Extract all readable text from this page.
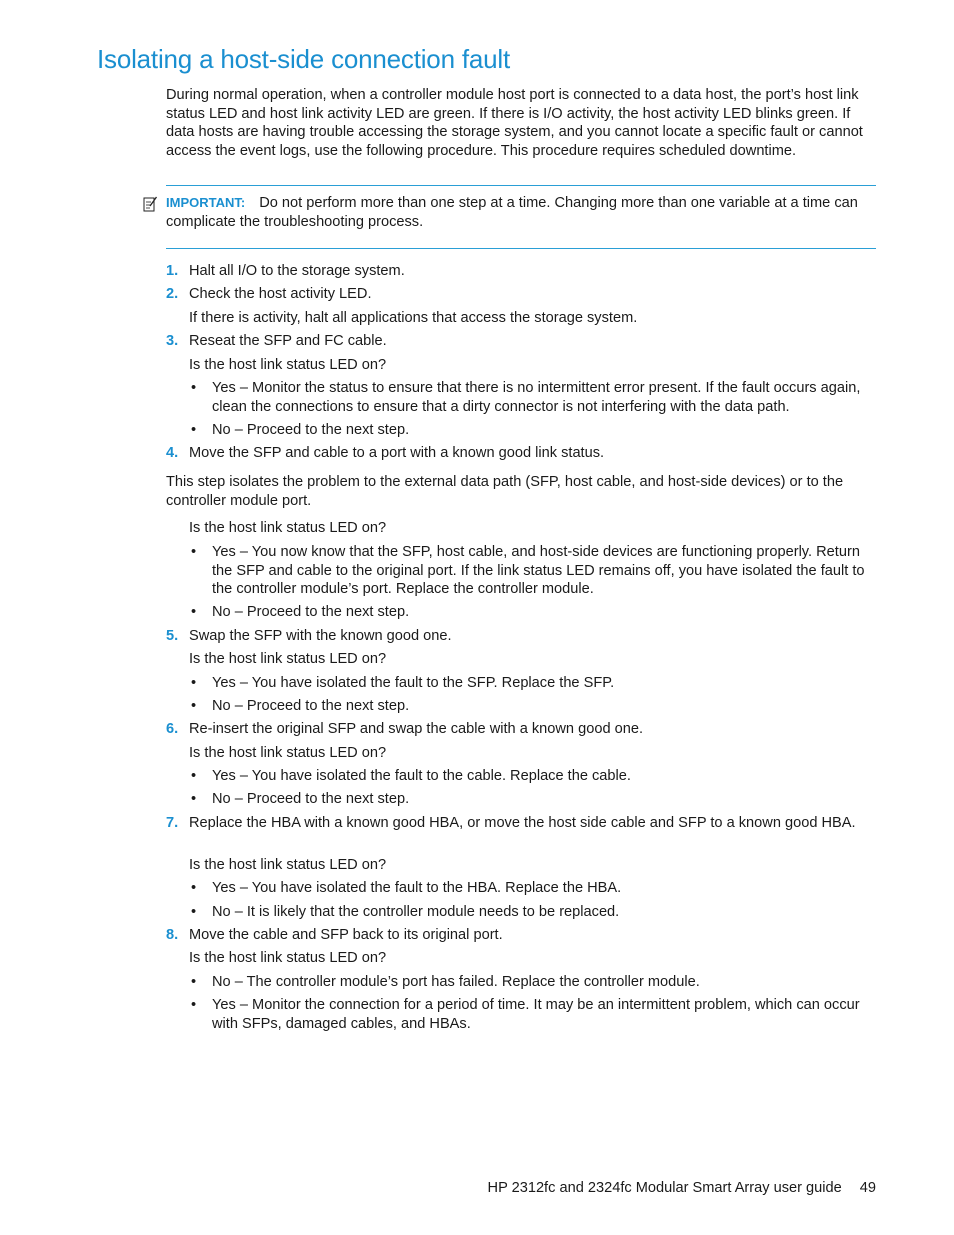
Isolating a host-side connection fault

During normal operation, when a controller module host port is connected to a data host, the port’s host link status LED and host link activity LED are green. If there is I/O activity, the host activity LED blinks green. If data hosts are having trouble accessing the storage system, and you cannot locate a specific fault or cannot access the event logs, use the following procedure. This procedure requires scheduled downtime.

IMPORTANT: Do not perform more than one step at a time. Changing more than one variable at a time can complicate the troubleshooting process.

1. Halt all I/O to the storage system.

2. Check the host activity LED.

If there is activity, halt all applications that access the storage system.

3. Reseat the SFP and FC cable.

Is the host link status LED on?

• Yes – Monitor the status to ensure that there is no intermittent error present. If the fault occurs again, clean the connections to ensure that a dirty connector is not interfering with the data path.

• No – Proceed to the next step.

4. Move the SFP and cable to a port with a known good link status.

This step isolates the problem to the external data path (SFP, host cable, and host-side devices) or to the controller module port.

Is the host link status LED on?

• Yes – You now know that the SFP, host cable, and host-side devices are functioning properly. Return the SFP and cable to the original port. If the link status LED remains off, you have isolated the fault to the controller module’s port. Replace the controller module.

• No – Proceed to the next step.

5. Swap the SFP with the known good one.

Is the host link status LED on?

• Yes – You have isolated the fault to the SFP. Replace the SFP.

• No – Proceed to the next step.

6. Re-insert the original SFP and swap the cable with a known good one.

Is the host link status LED on?

• Yes – You have isolated the fault to the cable. Replace the cable.

• No – Proceed to the next step.

7. Replace the HBA with a known good HBA, or move the host side cable and SFP to a known good HBA.

Is the host link status LED on?

• Yes – You have isolated the fault to the HBA. Replace the HBA.

• No – It is likely that the controller module needs to be replaced.

8. Move the cable and SFP back to its original port.

Is the host link status LED on?

• No – The controller module’s port has failed. Replace the controller module.

• Yes – Monitor the connection for a period of time. It may be an intermittent problem, which can occur with SFPs, damaged cables, and HBAs.

HP 2312fc and 2324fc Modular Smart Array user guide 49
